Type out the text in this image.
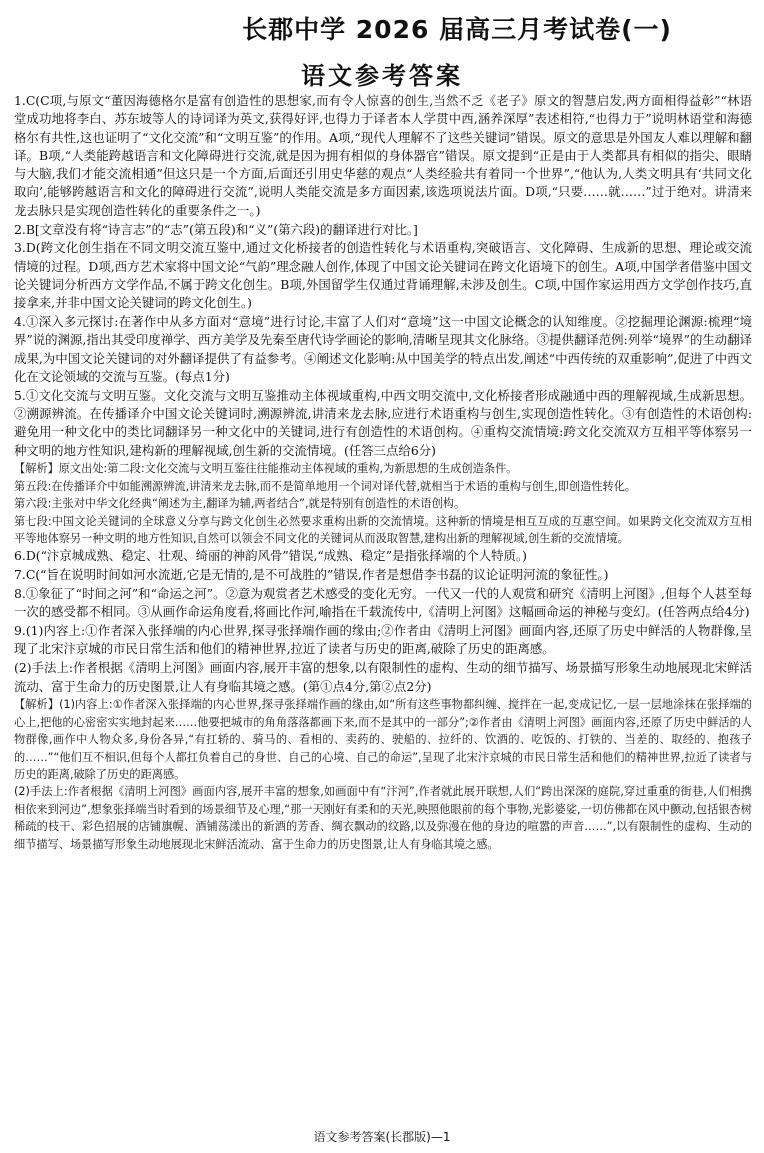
长郡中学 2026 届高三月考试卷(一)
语文参考答案

1.C(C项,与原文“董因海德格尔是富有创造性的思想家,而有令人惊喜的创生,当然不乏《老子》原文的智慧启发,两方面相得益彰”“林语堂成功地将李白、苏东坡等人的诗词译为英文,获得好评,也得力于译者本人学贯中西,涵养深厚”表述相符,“也得力于”说明林语堂和海德格尔有共性,这也证明了“文化交流”和“文明互鉴”的作用。A项,“现代人理解不了这些关键词”错误。原文的意思是外国友人难以理解和翻译。B项,“人类能跨越语言和文化障碍进行交流,就是因为拥有相似的身体器官”错误。原文提到“正是由于人类都具有相似的指尖、眼睛与大脑,我们才能交流相通”但这只是一个方面,后面还引用史华慈的观点“人类经验共有着同一个世界”,“他认为,人类文明具有‘共同文化取向’,能够跨越语言和文化的障碍进行交流”,说明人类能交流是多方面因素,该选项说法片面。D项,“只要……就……”过于绝对。讲清来龙去脉只是实现创造性转化的重要条件之一。)

2.B[文章没有将“诗言志”的“志”(第五段)和“义”(第六段)的翻译进行对比。]

3.D(跨文化创生指在不同文明交流互鉴中,通过文化桥接者的创造性转化与术语重构,突破语言、文化障碍、生成新的思想、理论或交流情境的过程。D项,西方艺术家将中国文论“气韵”理念融人创作,体现了中国文论关键词在跨文化语境下的创生。A项,中国学者借鉴中国文论关键词分析西方文学作品,不属于跨文化创生。B项,外国留学生仅通过背诵理解,未涉及创生。C项,中国作家运用西方文学创作技巧,直接拿来,并非中国文论关键词的跨文化创生。)

4.①深入多元探讨:在著作中从多方面对“意境”进行讨论,丰富了人们对“意境”这一中国文论概念的认知维度。②挖掘理论渊源:梳理“境界”说的渊源,指出其受印度禅学、西方美学及先秦至唐代诗学画论的影响,清晰呈现其文化脉络。③提供翻译范例:列举“境界”的生动翻译成果,为中国文论关键词的对外翻译提供了有益参考。④阐述文化影响:从中国美学的特点出发,阐述“中西传统的双重影响”,促进了中西文化在文论领域的交流与互鉴。(每点1分)

5.①文化交流与文明互鉴。文化交流与文明互鉴推动主体视域重构,中西文明交流中,文化桥接者形成融通中西的理解视域,生成新思想。②溯源辨流。在传播译介中国文论关键词时,溯源辨流,讲清来龙去脉,应进行术语重构与创生,实现创造性转化。③有创造性的术语创构:避免用一种文化中的类比词翻译另一种文化中的关键词,进行有创造性的术语创构。④重构交流情境:跨文化交流双方互相平等体察另一种文明的地方性知识,建构新的理解视域,创生新的交流情境。(任答三点给6分)

【解析】原文出处:第二段:文化交流与文明互鉴往往能推动主体视域的重构,为新思想的生成创造条件。

第五段:在传播译介中如能溯源辨流,讲清来龙去脉,而不是简单地用一个词对译代替,就相当于术语的重构与创生,即创造性转化。

第六段:主张对中华文化经典“阐述为主,翻译为辅,两者结合”,就是特别有创造性的术语创构。

第七段:中国文论关键词的全球意义分享与跨文化创生必然要求重构出新的交流情境。这种新的情境是相互互成的互惠空间。如果跨文化交流双方互相平等地体察另一种文明的地方性知识,自然可以领会不同文化的关键词从而汲取智慧,建构出新的理解视域,创生新的交流情境。

6.D(“汴京城成熟、稳定、壮观、绮丽的神韵风骨”错误,“成熟、稳定”是指张择端的个人特质。)

7.C(“旨在说明时间如河水流逝,它是无情的,是不可战胜的”错误,作者是想借李书磊的议论证明河流的象征性。)

8.①象征了“时间之河”和“命运之河”。②意为观赏者艺术感受的变化无穷。一代又一代的人观赏和研究《清明上河图》,但每个人甚至每一次的感受都不相同。③从画作命运角度看,将画比作河,喻指在千载流传中,《清明上河图》这幅画命运的神秘与变幻。(任答两点给4分)

9.(1)内容上:①作者深入张择端的内心世界,探寻张择端作画的缘由;②作者由《清明上河图》画面内容,还原了历史中鲜活的人物群像,呈现了北宋汴京城的市民日常生活和他们的精神世界,拉近了读者与历史的距离,破除了历史的距离感。

(2)手法上:作者根据《清明上河图》画面内容,展开丰富的想象,以有限制性的虚构、生动的细节描写、场景描写形象生动地展现北宋鲜活流动、富于生命力的历史图景,让人有身临其境之感。(第①点4分,第②点2分)

【解析】(1)内容上:①作者深入张择端的内心世界,探寻张择端作画的缘由,如“所有这些事物都纠缠、搅拌在一起,变成记忆,一层一层地涂抹在张择端的心上,把他的心密密实实地封起来……他要把城市的角角落落都画下来,而不是其中的一部分”;②作者由《清明上河图》画面内容,还原了历史中鲜活的人物群像,画作中人物众多,身份各异,“有扛轿的、骑马的、看相的、卖药的、驶船的、拉纤的、饮酒的、吃饭的、打铁的、当差的、取经的、抱孩子的……”“他们互不相识,但每个人都扛负着自己的身世、自己的心境、自己的命运”,呈现了北宋汴京城的市民日常生活和他们的精神世界,拉近了读者与历史的距离,破除了历史的距离感。

(2)手法上:作者根据《清明上河图》画面内容,展开丰富的想象,如画面中有“汴河”,作者就此展开联想,人们“跨出深深的庭院,穿过重重的街巷,人们相携相依来到河边”,想象张择端当时看到的场景细节及心理,“那一天刚好有柔和的天光,映照他眼前的每个事物,光影婆娑,一切仿佛都在风中颤动,包括银杏树稀疏的枝干、彩色招展的店铺旗幌、酒铺荡漾出的新酒的芳香、绸衣飘动的纹路,以及弥漫在他的身边的喧嚣的声音……”,以有限制性的虚构、生动的细节描写、场景描写形象生动地展现北宋鲜活流动、富于生命力的历史图景,让人有身临其境之感。

语文参考答案(长郡版)—1
